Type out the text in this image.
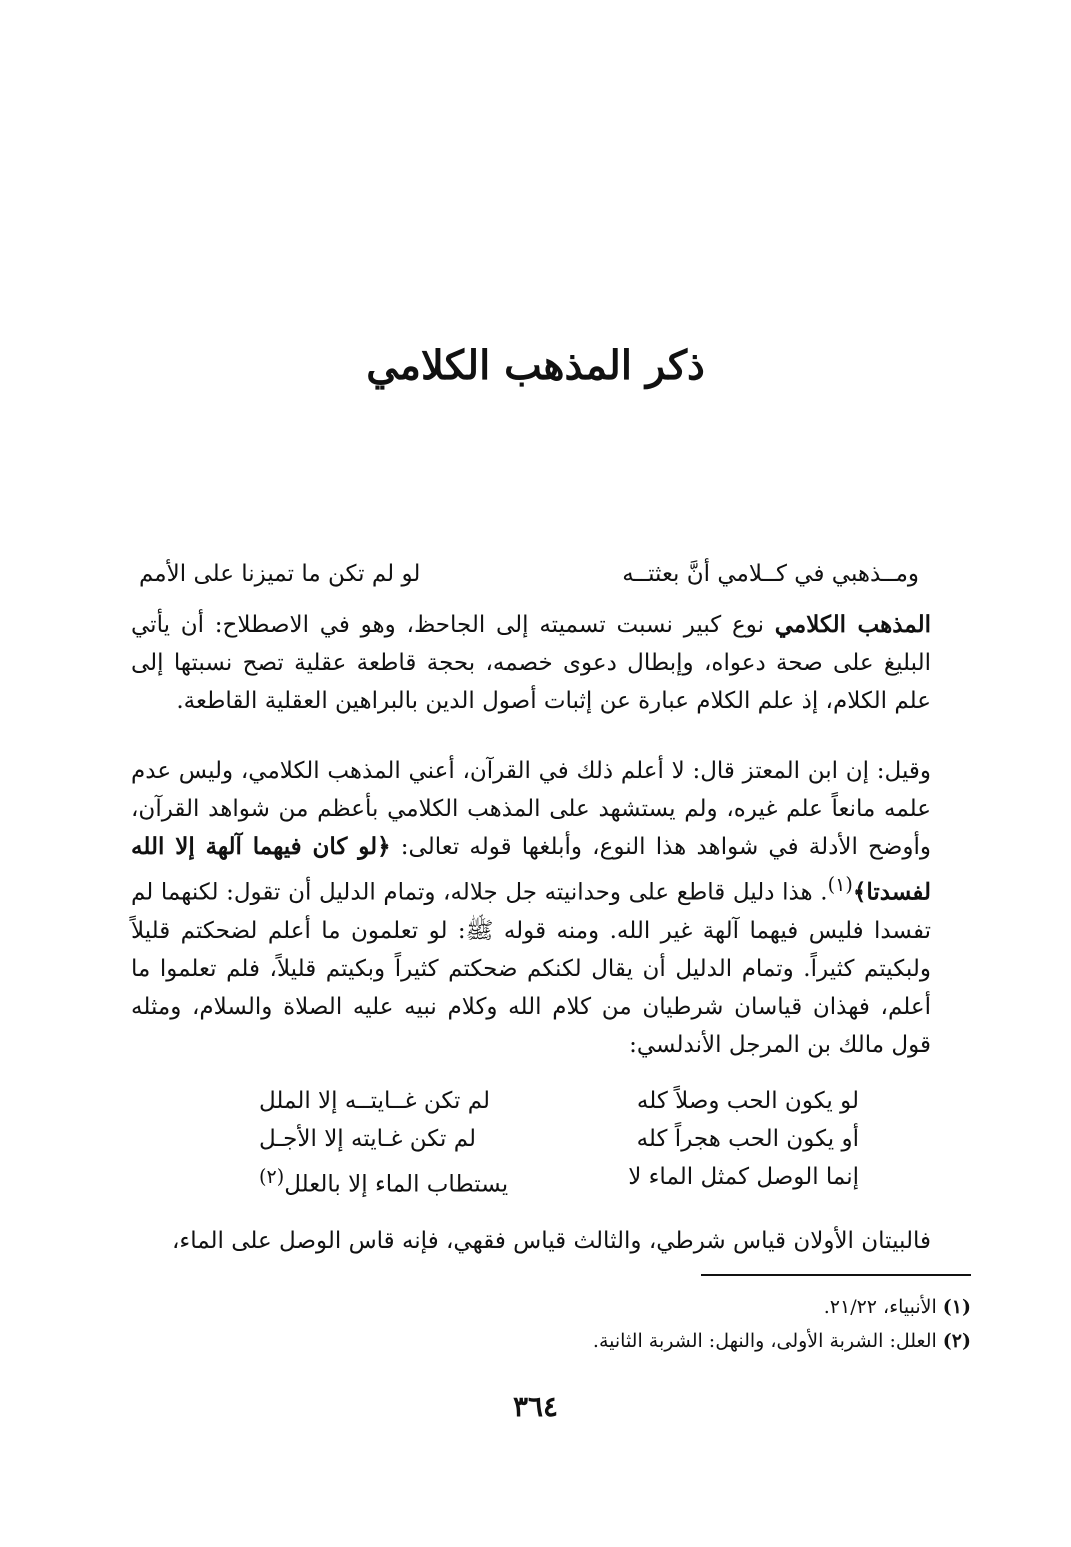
ذكر المذهب الكلامي
ومــذهبي في كــلامي أنَّ بعثتــه
لو لم تكن ما تميزنا على الأمم

المذهب الكلامي نوع كبير نسبت تسميته إلى الجاحظ، وهو في الاصطلاح: أن يأتي البليغ على صحة دعواه، وإبطال دعوى خصمه، بحجة قاطعة عقلية تصح نسبتها إلى علم الكلام، إذ علم الكلام عبارة عن إثبات أصول الدين بالبراهين العقلية القاطعة.

وقيل: إن ابن المعتز قال: لا أعلم ذلك في القرآن، أعني المذهب الكلامي، وليس عدم علمه مانعاً علم غيره، ولم يستشهد على المذهب الكلامي بأعظم من شواهد القرآن، وأوضح الأدلة في شواهد هذا النوع، وأبلغها قوله تعالى: ﴿لو كان فيهما آلهة إلا الله لفسدتا﴾$^{(١)}$. هذا دليل قاطع على وحدانيته جل جلاله، وتمام الدليل أن تقول: لكنهما لم تفسدا فليس فيهما آلهة غير الله. ومنه قوله ﷺ: لو تعلمون ما أعلم لضحكتم قليلاً ولبكيتم كثيراً. وتمام الدليل أن يقال لكنكم ضحكتم كثيراً وبكيتم قليلاً، فلم تعلموا ما أعلم، فهذان قياسان شرطيان من كلام الله وكلام نبيه عليه الصلاة والسلام، ومثله قول مالك بن المرجل الأندلسي:

لو يكون الحب وصلاً كله
لم تكن غــايتــه إلا الملل
أو يكون الحب هجراً كله
لم تكن غـايته إلا الأجـل
إنما الوصل كمثل الماء لا
يستطاب الماء إلا بالعلل$^{(٢)}$

فالبيتان الأولان قياس شرطي، والثالث قياس فقهي، فإنه قاس الوصل على الماء،

(١)الأنبياء، ٢١/٢٢.
(٢)العلل: الشربة الأولى، والنهل: الشربة الثانية.
٣٦٤
